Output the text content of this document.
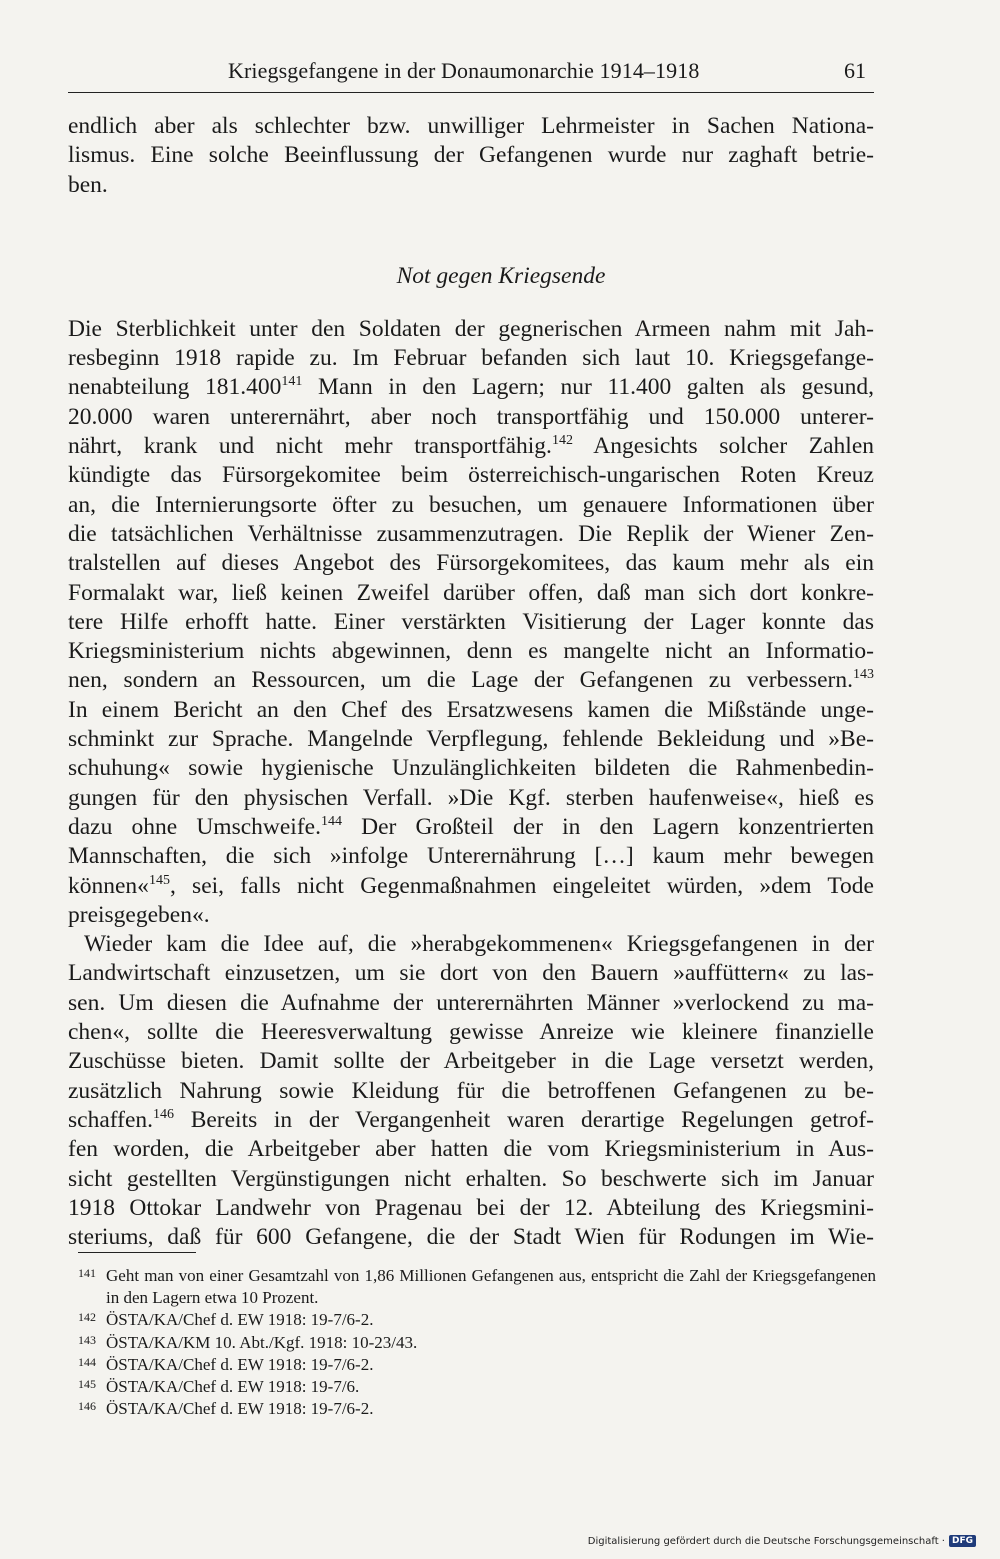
Kriegsgefangene in der Donaumonarchie 1914–1918	61
endlich aber als schlechter bzw. unwilliger Lehrmeister in Sachen Nationa-
lismus. Eine solche Beeinflussung der Gefangenen wurde nur zaghaft betrie-
ben.
Not gegen Kriegsende
Die Sterblichkeit unter den Soldaten der gegnerischen Armeen nahm mit Jah-
resbeginn 1918 rapide zu. Im Februar befanden sich laut 10. Kriegsgefange-
nenabteilung 181.400$^{141}$ Mann in den Lagern; nur 11.400 galten als gesund,
20.000 waren unterernährt, aber noch transportfähig und 150.000 unterer-
nährt, krank und nicht mehr transportfähig.$^{142}$ Angesichts solcher Zahlen
kündigte das Fürsorgekomitee beim österreichisch-ungarischen Roten Kreuz
an, die Internierungsorte öfter zu besuchen, um genauere Informationen über
die tatsächlichen Verhältnisse zusammenzutragen. Die Replik der Wiener Zen-
tralstellen auf dieses Angebot des Fürsorgekomitees, das kaum mehr als ein
Formalakt war, ließ keinen Zweifel darüber offen, daß man sich dort konkre-
tere Hilfe erhofft hatte. Einer verstärkten Visitierung der Lager konnte das
Kriegsministerium nichts abgewinnen, denn es mangelte nicht an Informatio-
nen, sondern an Ressourcen, um die Lage der Gefangenen zu verbessern.$^{143}$
In einem Bericht an den Chef des Ersatzwesens kamen die Mißstände unge-
schminkt zur Sprache. Mangelnde Verpflegung, fehlende Bekleidung und »Be-
schuhung« sowie hygienische Unzulänglichkeiten bildeten die Rahmenbedin-
gungen für den physischen Verfall. »Die Kgf. sterben haufenweise«, hieß es
dazu ohne Umschweife.$^{144}$ Der Großteil der in den Lagern konzentrierten
Mannschaften, die sich »infolge Unterernährung […] kaum mehr bewegen
können«$^{145}$, sei, falls nicht Gegenmaßnahmen eingeleitet würden, »dem Tode
preisgegeben«.
Wieder kam die Idee auf, die »herabgekommenen« Kriegsgefangenen in der
Landwirtschaft einzusetzen, um sie dort von den Bauern »auffüttern« zu las-
sen. Um diesen die Aufnahme der unterernährten Männer »verlockend zu ma-
chen«, sollte die Heeresverwaltung gewisse Anreize wie kleinere finanzielle
Zuschüsse bieten. Damit sollte der Arbeitgeber in die Lage versetzt werden,
zusätzlich Nahrung sowie Kleidung für die betroffenen Gefangenen zu be-
schaffen.$^{146}$ Bereits in der Vergangenheit waren derartige Regelungen getrof-
fen worden, die Arbeitgeber aber hatten die vom Kriegsministerium in Aus-
sicht gestellten Vergünstigungen nicht erhalten. So beschwerte sich im Januar
1918 Ottokar Landwehr von Pragenau bei der 12. Abteilung des Kriegsmini-
steriums, daß für 600 Gefangene, die der Stadt Wien für Rodungen im Wie-
141 Geht man von einer Gesamtzahl von 1,86 Millionen Gefangenen aus, entspricht die Zahl der Kriegsgefangenen in den Lagern etwa 10 Prozent.
142 ÖSTA/KA/Chef d. EW 1918: 19-7/6-2.
143 ÖSTA/KA/KM 10. Abt./Kgf. 1918: 10-23/43.
144 ÖSTA/KA/Chef d. EW 1918: 19-7/6-2.
145 ÖSTA/KA/Chef d. EW 1918: 19-7/6.
146 ÖSTA/KA/Chef d. EW 1918: 19-7/6-2.
Digitalisierung gefördert durch die Deutsche Forschungsgemeinschaft · DFG
